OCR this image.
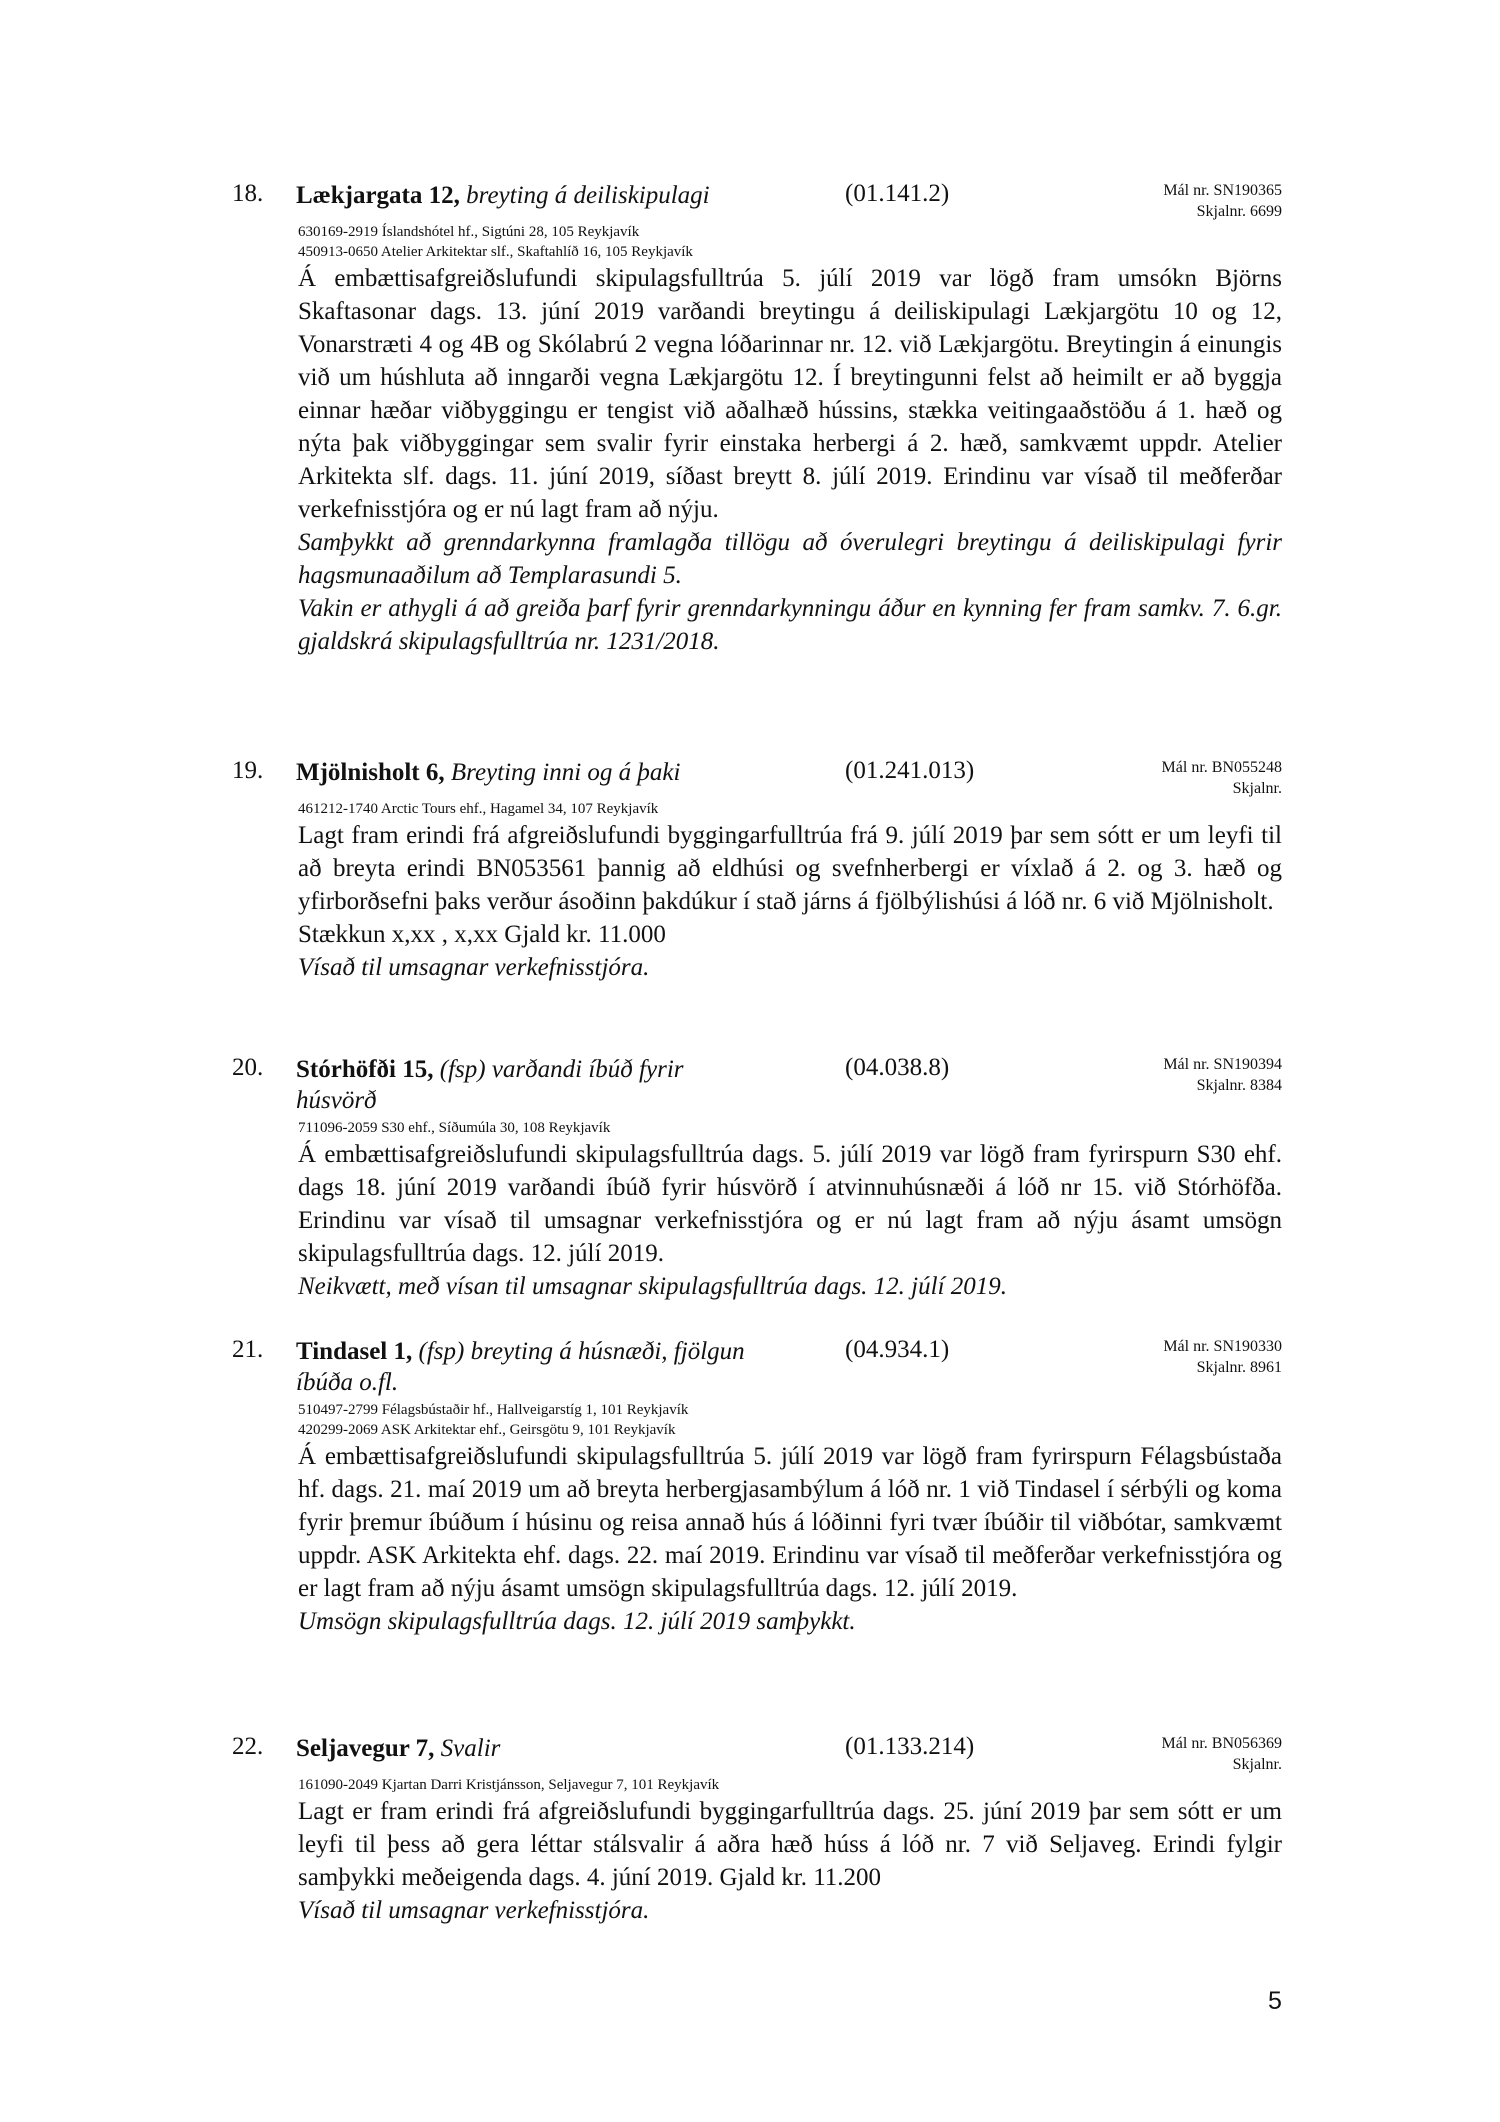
18. Lækjargata 12, breyting á deiliskipulagi	(01.141.2)	Mál nr. SN190365
Skjalnr. 6699
630169-2919 Íslandshótel hf., Sigtúni 28, 105 Reykjavík
450913-0650 Atelier Arkitektar slf., Skaftahlíð 16, 105 Reykjavík

Á embættisafgreiðslufundi skipulagsfulltrúa 5. júlí 2019 var lögð fram umsókn Björns Skaftasonar dags. 13. júní 2019 varðandi breytingu á deiliskipulagi Lækjargötu 10 og 12, Vonarstræti 4 og 4B og Skólabrú 2 vegna lóðarinnar nr. 12. við Lækjargötu. Breytingin á einungis við um húshluta að inngarði vegna Lækjargötu 12. Í breytingunni felst að heimilt er að byggja einnar hæðar viðbyggingu er tengist við aðalhæð hússins, stækka veitingaaðstöðu á 1. hæð og nýta þak viðbyggingar sem svalir fyrir einstaka herbergi á 2. hæð, samkvæmt uppdr. Atelier Arkitekta slf. dags. 11. júní 2019, síðast breytt 8. júlí 2019. Erindinu var vísað til meðferðar verkefnisstjóra og er nú lagt fram að nýju.

Samþykkt að grenndarkynna framlagða tillögu að óverulegri breytingu á deiliskipulagi fyrir hagsmunaaðilum að Templarasundi 5.

Vakin er athygli á að greiða þarf fyrir grenndarkynningu áður en kynning fer fram samkv. 7. 6.gr. gjaldskrá skipulagsfulltrúa nr. 1231/2018.

19. Mjölnisholt 6, Breyting inni og á þaki	(01.241.013)	Mál nr. BN055248
Skjalnr.
461212-1740 Arctic Tours ehf., Hagamel 34, 107 Reykjavík

Lagt fram erindi frá afgreiðslufundi byggingarfulltrúa frá 9. júlí 2019 þar sem sótt er um leyfi til að breyta erindi BN053561 þannig að eldhúsi og svefnherbergi er víxlað á 2. og 3. hæð og yfirborðsefni þaks verður ásoðinn þakdúkur í stað járns á fjölbýlishúsi á lóð nr. 6 við Mjölnisholt.

Stækkun x,xx , x,xx Gjald kr. 11.000

Vísað til umsagnar verkefnisstjóra.

20. Stórhöfði 15, (fsp) varðandi íbúð fyrir húsvörð
(04.038.8)	Mál nr. SN190394
Skjalnr. 8384
711096-2059 S30 ehf., Síðumúla 30, 108 Reykjavík

Á embættisafgreiðslufundi skipulagsfulltrúa dags. 5. júlí 2019 var lögð fram fyrirspurn S30 ehf. dags 18. júní 2019 varðandi íbúð fyrir húsvörð í atvinnuhúsnæði á lóð nr 15. við Stórhöfða. Erindinu var vísað til umsagnar verkefnisstjóra og er nú lagt fram að nýju ásamt umsögn skipulagsfulltrúa dags. 12. júlí 2019.

Neikvætt, með vísan til umsagnar skipulagsfulltrúa dags. 12. júlí 2019.

21. Tindasel 1, (fsp) breyting á húsnæði, fjölgun íbúða o.fl.
(04.934.1)	Mál nr. SN190330
Skjalnr. 8961
510497-2799 Félagsbústaðir hf., Hallveigarstíg 1, 101 Reykjavík
420299-2069 ASK Arkitektar ehf., Geirsgötu 9, 101 Reykjavík

Á embættisafgreiðslufundi skipulagsfulltrúa 5. júlí 2019 var lögð fram fyrirspurn Félagsbústaða hf. dags. 21. maí 2019 um að breyta herbergjasambýlum á lóð nr. 1 við Tindasel í sérbýli og koma fyrir þremur íbúðum í húsinu og reisa annað hús á lóðinni fyri tvær íbúðir til viðbótar, samkvæmt uppdr. ASK Arkitekta ehf. dags. 22. maí 2019. Erindinu var vísað til meðferðar verkefnisstjóra og er lagt fram að nýju ásamt umsögn skipulagsfulltrúa dags. 12. júlí 2019.

Umsögn skipulagsfulltrúa dags. 12. júlí 2019 samþykkt.

22. Seljavegur 7, Svalir	(01.133.214)	Mál nr. BN056369
Skjalnr.
161090-2049 Kjartan Darri Kristjánsson, Seljavegur 7, 101 Reykjavík

Lagt er fram erindi frá afgreiðslufundi byggingarfulltrúa dags. 25. júní 2019 þar sem sótt er um leyfi til þess að gera léttar stálsvalir á aðra hæð húss á lóð nr. 7 við Seljaveg. Erindi fylgir samþykki meðeigenda dags. 4. júní 2019. Gjald kr. 11.200

Vísað til umsagnar verkefnisstjóra.

5
